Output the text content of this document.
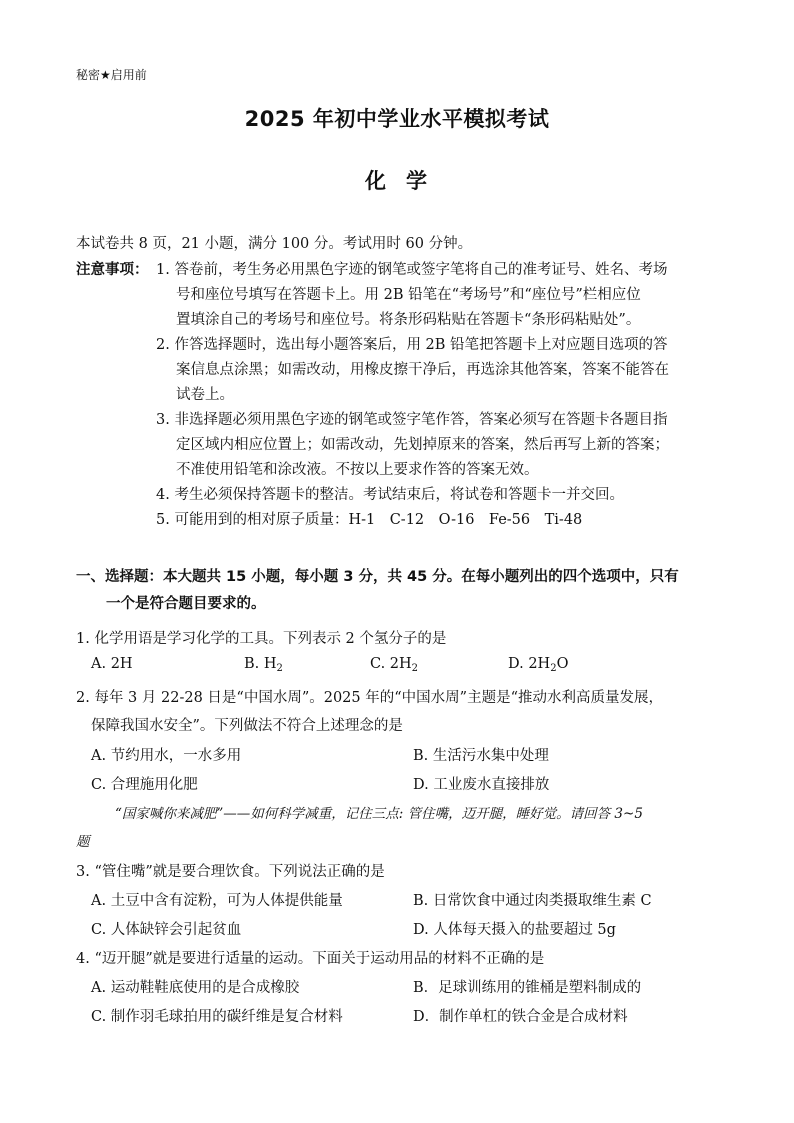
秘密★启用前
2025 年初中学业水平模拟考试
化学
本试卷共 8 页，21 小题，满分 100 分。考试用时 60 分钟。
注意事项： 1. 答卷前，考生务必用黑色字迹的钢笔或签字笔将自己的准考证号、姓名、考场
号和座位号填写在答题卡上。用 2B 铅笔在“考场号”和“座位号”栏相应位
置填涂自己的考场号和座位号。将条形码粘贴在答题卡“条形码粘贴处”。
2. 作答选择题时，选出每小题答案后，用 2B 铅笔把答题卡上对应题目选项的答
案信息点涂黑；如需改动，用橡皮擦干净后，再选涂其他答案，答案不能答在
试卷上。
3. 非选择题必须用黑色字迹的钢笔或签字笔作答，答案必须写在答题卡各题目指
定区域内相应位置上；如需改动，先划掉原来的答案，然后再写上新的答案；
不准使用铅笔和涂改液。不按以上要求作答的答案无效。
4. 考生必须保持答题卡的整洁。考试结束后，将试卷和答题卡一并交回。
5. 可能用到的相对原子质量：H-1　C-12　O-16　Fe-56　Ti-48
一、选择题：本大题共 15 小题，每小题 3 分，共 45 分。在每小题列出的四个选项中，只有
一个是符合题目要求的。
1. 化学用语是学习化学的工具。下列表示 2 个氢分子的是
A. 2H	B. $H_2$	C. $2H_2$	D. $2H_2O$
2. 每年 3 月 22-28 日是“中国水周”。2025 年的“中国水周”主题是“推动水利高质量发展，
保障我国水安全”。下列做法不符合上述理念的是
A. 节约用水，一水多用	B. 生活污水集中处理
C. 合理施用化肥	D. 工业废水直接排放
“国家喊你来减肥”——如何科学减重，记住三点: 管住嘴，迈开腿，睡好觉。请回答 3~5
题
3. “管住嘴”就是要合理饮食。下列说法正确的是
A. 土豆中含有淀粉，可为人体提供能量	B. 日常饮食中通过肉类摄取维生素 C
C. 人体缺锌会引起贫血	D. 人体每天摄入的盐要超过 5g
4. “迈开腿”就是要进行适量的运动。下面关于运动用品的材料不正确的是
A. 运动鞋鞋底使用的是合成橡胶	B．足球训练用的锥桶是塑料制成的
C. 制作羽毛球拍用的碳纤维是复合材料	D．制作单杠的铁合金是合成材料
